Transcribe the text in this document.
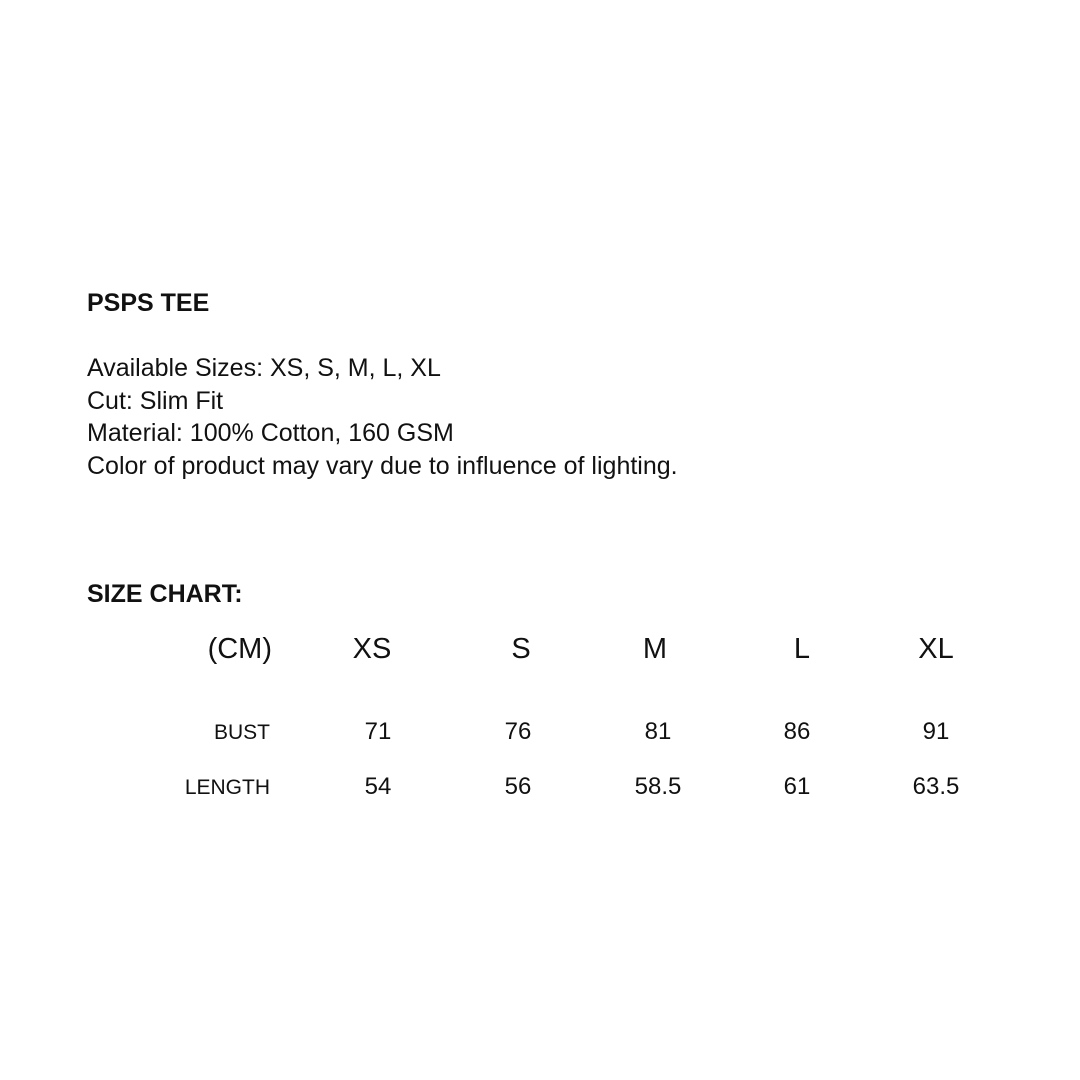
PSPS TEE
Available Sizes: XS, S, M, L, XL
Cut: Slim Fit
Material: 100% Cotton, 160 GSM
Color of product may vary due to influence of lighting.
SIZE CHART:
(CM)	XS	S	M	L	XL
BUST	71	76	81	86	91
LENGTH	54	56	58.5	61	63.5
